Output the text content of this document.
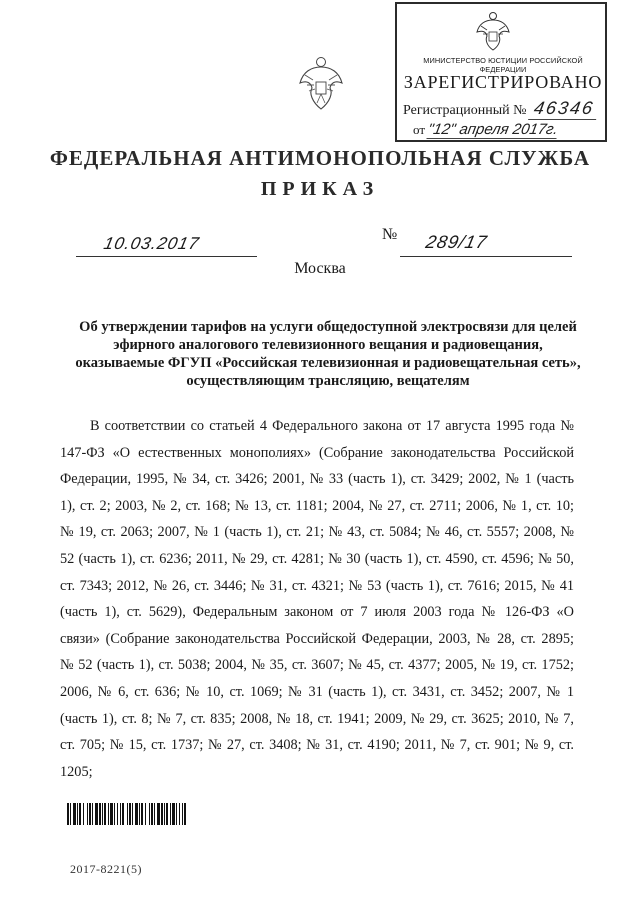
МИНИСТЕРСТВО ЮСТИЦИИ РОССИЙСКОЙ ФЕДЕРАЦИИ
ЗАРЕГИСТРИРОВАНО
Регистрационный № 46346
от "12" апреля 2017г.
ФЕДЕРАЛЬНАЯ АНТИМОНОПОЛЬНАЯ СЛУЖБА
ПРИКАЗ
10.03.2017	№ 289/17
Москва
Об утверждении тарифов на услуги общедоступной электросвязи для целей эфирного аналогового телевизионного вещания и радиовещания, оказываемые ФГУП «Российская телевизионная и радиовещательная сеть», осуществляющим трансляцию, вещателям
В соответствии со статьей 4 Федерального закона от 17 августа 1995 года № 147-ФЗ «О естественных монополиях» (Собрание законодательства Российской Федерации, 1995, № 34, ст. 3426; 2001, № 33 (часть 1), ст. 3429; 2002, № 1 (часть 1), ст. 2; 2003, № 2, ст. 168; № 13, ст. 1181; 2004, № 27, ст. 2711; 2006, № 1, ст. 10; № 19, ст. 2063; 2007, № 1 (часть 1), ст. 21; № 43, ст. 5084; № 46, ст. 5557; 2008, № 52 (часть 1), ст. 6236; 2011, № 29, ст. 4281; № 30 (часть 1), ст. 4590, ст. 4596; № 50, ст. 7343; 2012, № 26, ст. 3446; № 31, ст. 4321; № 53 (часть 1), ст. 7616; 2015, № 41 (часть 1), ст. 5629), Федеральным законом от 7 июля 2003 года № 126-ФЗ «О связи» (Собрание законодательства Российской Федерации, 2003, № 28, ст. 2895; № 52 (часть 1), ст. 5038; 2004, № 35, ст. 3607; № 45, ст. 4377; 2005, № 19, ст. 1752; 2006, № 6, ст. 636; № 10, ст. 1069; № 31 (часть 1), ст. 3431, ст. 3452; 2007, № 1 (часть 1), ст. 8; № 7, ст. 835; 2008, № 18, ст. 1941; 2009, № 29, ст. 3625; 2010, № 7, ст. 705; № 15, ст. 1737; № 27, ст. 3408; № 31, ст. 4190; 2011, № 7, ст. 901; № 9, ст. 1205;
2017-8221(5)
